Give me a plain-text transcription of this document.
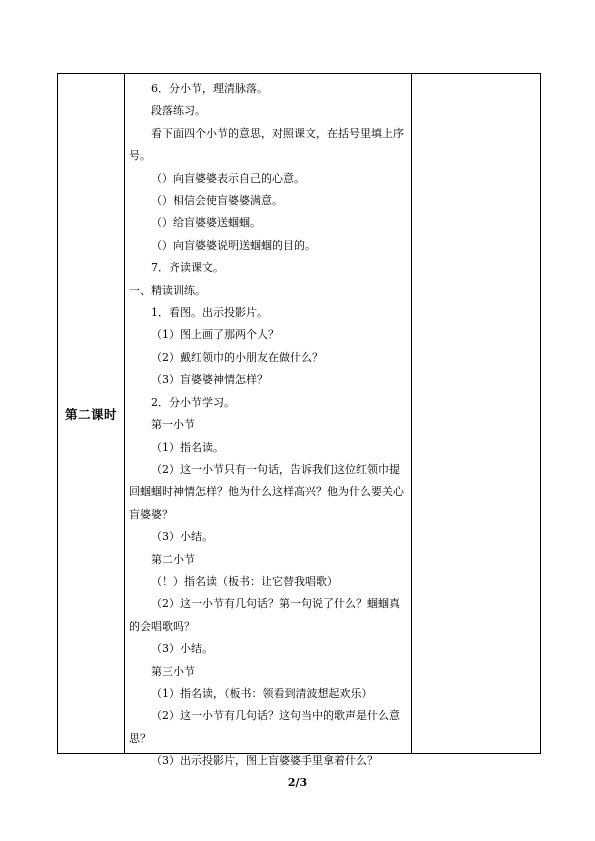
第二课时
6．分小节，理清脉落。
段落练习。
看下面四个小节的意思，对照课文，在括号里填上序号。
（）向盲婆婆表示自己的心意。
（）相信会使盲婆婆满意。
（）给盲婆婆送蝈蝈。
（）向盲婆婆说明送蝈蝈的目的。
7．齐读课文。
一、精读训练。
1．看图。出示投影片。
（1）图上画了那两个人？
（2）戴红领巾的小朋友在做什么？
（3）盲婆婆神情怎样？
2．分小节学习。
第一小节
（1）指名读。
（2）这一小节只有一句话，告诉我们这位红领巾提回蝈蝈时神情怎样？他为什么这样高兴？他为什么要关心盲婆婆？
（3）小结。
第二小节
（！）指名读（板书：让它替我唱歌）
（2）这一小节有几句话？第一句说了什么？蝈蝈真的会唱歌吗？
（3）小结。
第三小节
（1）指名读，（板书：领看到清波想起欢乐）
（2）这一小节有几句话？这句当中的歌声是什么意思？
（3）出示投影片，图上盲婆婆手里拿着什么？
2/3
